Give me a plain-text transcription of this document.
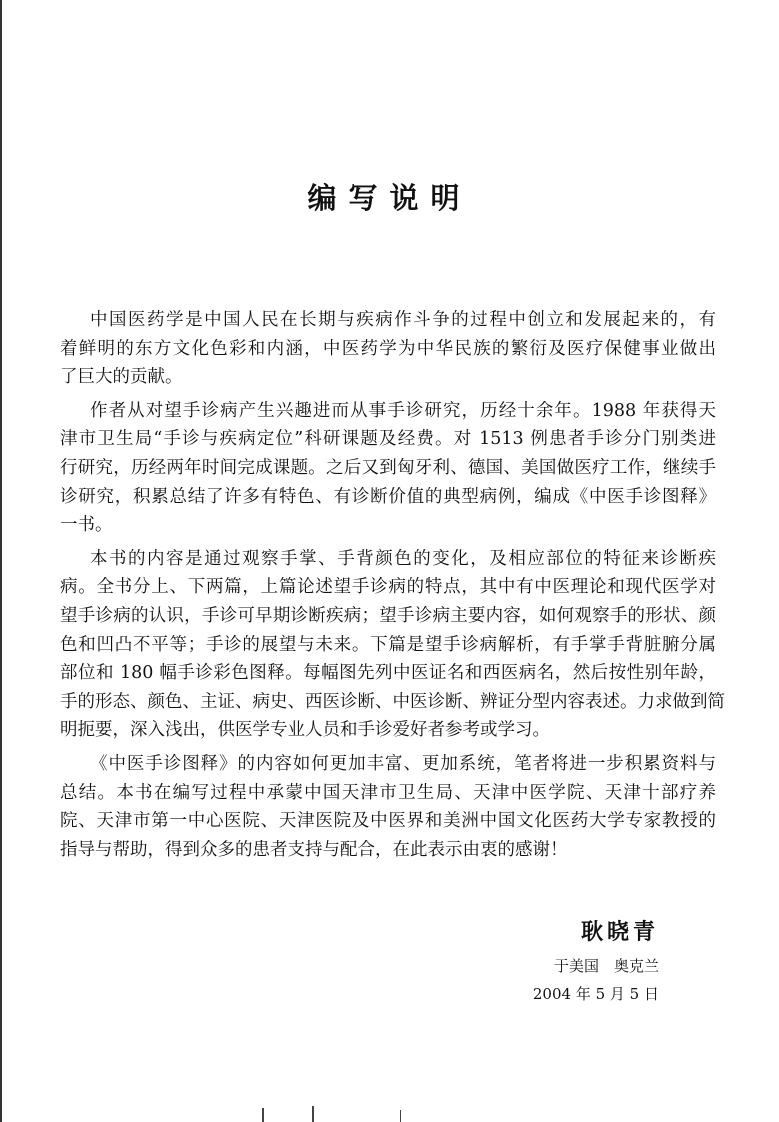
编写说明
中国医药学是中国人民在长期与疾病作斗争的过程中创立和发展起来的，有
着鲜明的东方文化色彩和内涵，中医药学为中华民族的繁衍及医疗保健事业做出
了巨大的贡献。
作者从对望手诊病产生兴趣进而从事手诊研究，历经十余年。1988 年获得天
津市卫生局“手诊与疾病定位”科研课题及经费。对 1513 例患者手诊分门别类进
行研究，历经两年时间完成课题。之后又到匈牙利、德国、美国做医疗工作，继续手
诊研究，积累总结了许多有特色、有诊断价值的典型病例，编成《中医手诊图释》
一书。
本书的内容是通过观察手掌、手背颜色的变化，及相应部位的特征来诊断疾
病。全书分上、下两篇，上篇论述望手诊病的特点，其中有中医理论和现代医学对
望手诊病的认识，手诊可早期诊断疾病；望手诊病主要内容，如何观察手的形状、颜
色和凹凸不平等；手诊的展望与未来。下篇是望手诊病解析，有手掌手背脏腑分属
部位和 180 幅手诊彩色图释。每幅图先列中医证名和西医病名，然后按性别年龄，
手的形态、颜色、主证、病史、西医诊断、中医诊断、辨证分型内容表述。力求做到简
明扼要，深入浅出，供医学专业人员和手诊爱好者参考或学习。
《中医手诊图释》的内容如何更加丰富、更加系统，笔者将进一步积累资料与
总结。本书在编写过程中承蒙中国天津市卫生局、天津中医学院、天津十部疗养
院、天津市第一中心医院、天津医院及中医界和美洲中国文化医药大学专家教授的
指导与帮助，得到众多的患者支持与配合，在此表示由衷的感谢！
耿晓青
于美国　奥克兰
2004 年 5 月 5 日
